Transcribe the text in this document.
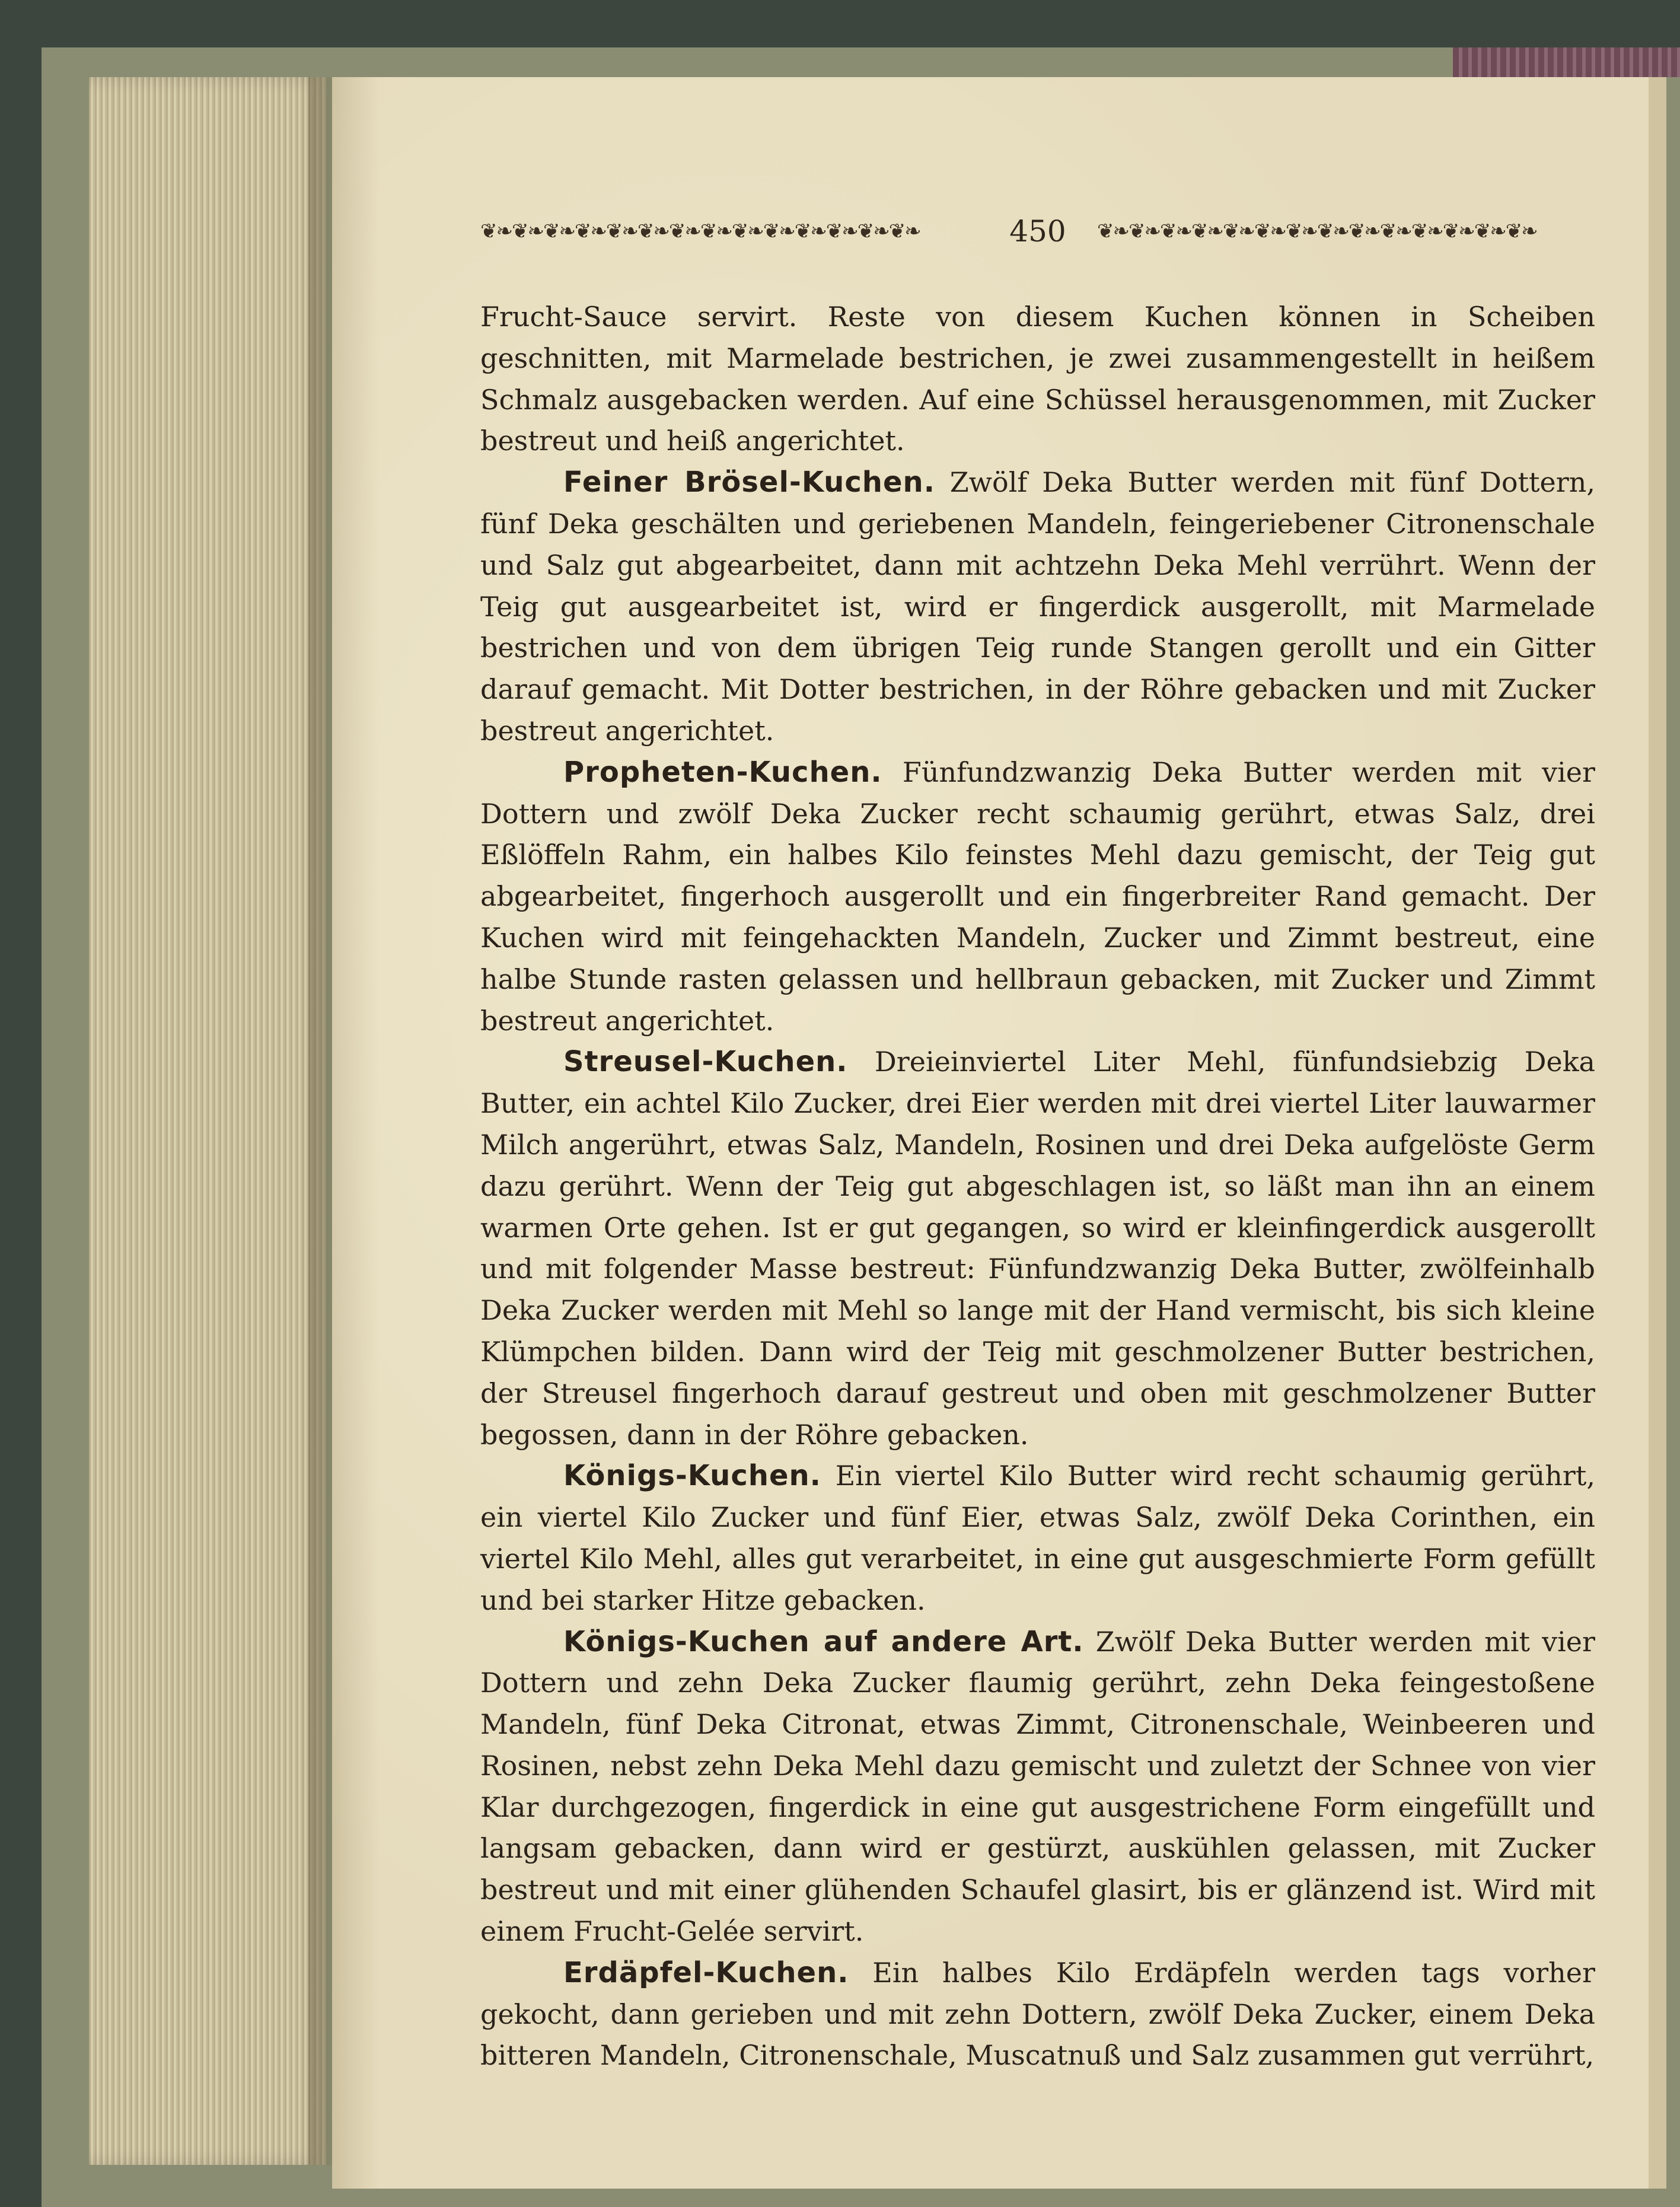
❦❧❦❧❦❧❦❧❦❧❦❧❦❧❦❧❦❧❦❧❦❧❦❧❦❧❦❧	450 ❦❧❦❧❦❧❦❧❦❧❦❧❦❧❦❧❦❧❦❧❦❧❦❧❦❧❦❧

Frucht-Sauce servirt. Reste von diesem Kuchen können in Scheiben geschnitten, mit Marmelade bestrichen, je zwei zusammengestellt in heißem Schmalz ausgebacken werden. Auf eine Schüssel herausgenommen, mit Zucker bestreut und heiß angerichtet.

Feiner Brösel-Kuchen. Zwölf Deka Butter werden mit fünf Dottern, fünf Deka geschälten und geriebenen Mandeln, feingeriebener Citronenschale und Salz gut abgearbeitet, dann mit achtzehn Deka Mehl verrührt. Wenn der Teig gut ausgearbeitet ist, wird er fingerdick ausgerollt, mit Marmelade bestrichen und von dem übrigen Teig runde Stangen gerollt und ein Gitter darauf gemacht. Mit Dotter bestrichen, in der Röhre gebacken und mit Zucker bestreut angerichtet.

Propheten-Kuchen. Fünfundzwanzig Deka Butter werden mit vier Dottern und zwölf Deka Zucker recht schaumig gerührt, etwas Salz, drei Eßlöffeln Rahm, ein halbes Kilo feinstes Mehl dazu gemischt, der Teig gut abgearbeitet, fingerhoch ausgerollt und ein fingerbreiter Rand gemacht. Der Kuchen wird mit feingehackten Mandeln, Zucker und Zimmt bestreut, eine halbe Stunde rasten gelassen und hellbraun gebacken, mit Zucker und Zimmt bestreut angerichtet.

Streusel-Kuchen. Dreieinviertel Liter Mehl, fünfundsiebzig Deka Butter, ein achtel Kilo Zucker, drei Eier werden mit drei viertel Liter lauwarmer Milch angerührt, etwas Salz, Mandeln, Rosinen und drei Deka aufgelöste Germ dazu gerührt. Wenn der Teig gut abgeschlagen ist, so läßt man ihn an einem warmen Orte gehen. Ist er gut gegangen, so wird er kleinfingerdick ausgerollt und mit folgender Masse bestreut: Fünfundzwanzig Deka Butter, zwölfeinhalb Deka Zucker werden mit Mehl so lange mit der Hand vermischt, bis sich kleine Klümpchen bilden. Dann wird der Teig mit geschmolzener Butter bestrichen, der Streusel fingerhoch darauf gestreut und oben mit geschmolzener Butter begossen, dann in der Röhre gebacken.

Königs-Kuchen. Ein viertel Kilo Butter wird recht schaumig gerührt, ein viertel Kilo Zucker und fünf Eier, etwas Salz, zwölf Deka Corinthen, ein viertel Kilo Mehl, alles gut verarbeitet, in eine gut ausgeschmierte Form gefüllt und bei starker Hitze gebacken.

Königs-Kuchen auf andere Art. Zwölf Deka Butter werden mit vier Dottern und zehn Deka Zucker flaumig gerührt, zehn Deka feingestoßene Mandeln, fünf Deka Citronat, etwas Zimmt, Citronenschale, Weinbeeren und Rosinen, nebst zehn Deka Mehl dazu gemischt und zuletzt der Schnee von vier Klar durchgezogen, fingerdick in eine gut ausgestrichene Form eingefüllt und langsam gebacken, dann wird er gestürzt, auskühlen gelassen, mit Zucker bestreut und mit einer glühenden Schaufel glasirt, bis er glänzend ist. Wird mit einem Frucht-Gelée servirt.

Erdäpfel-Kuchen. Ein halbes Kilo Erdäpfeln werden tags vorher gekocht, dann gerieben und mit zehn Dottern, zwölf Deka Zucker, einem Deka bitteren Mandeln, Citronenschale, Muscatnuß und Salz zusammen gut verrührt,
